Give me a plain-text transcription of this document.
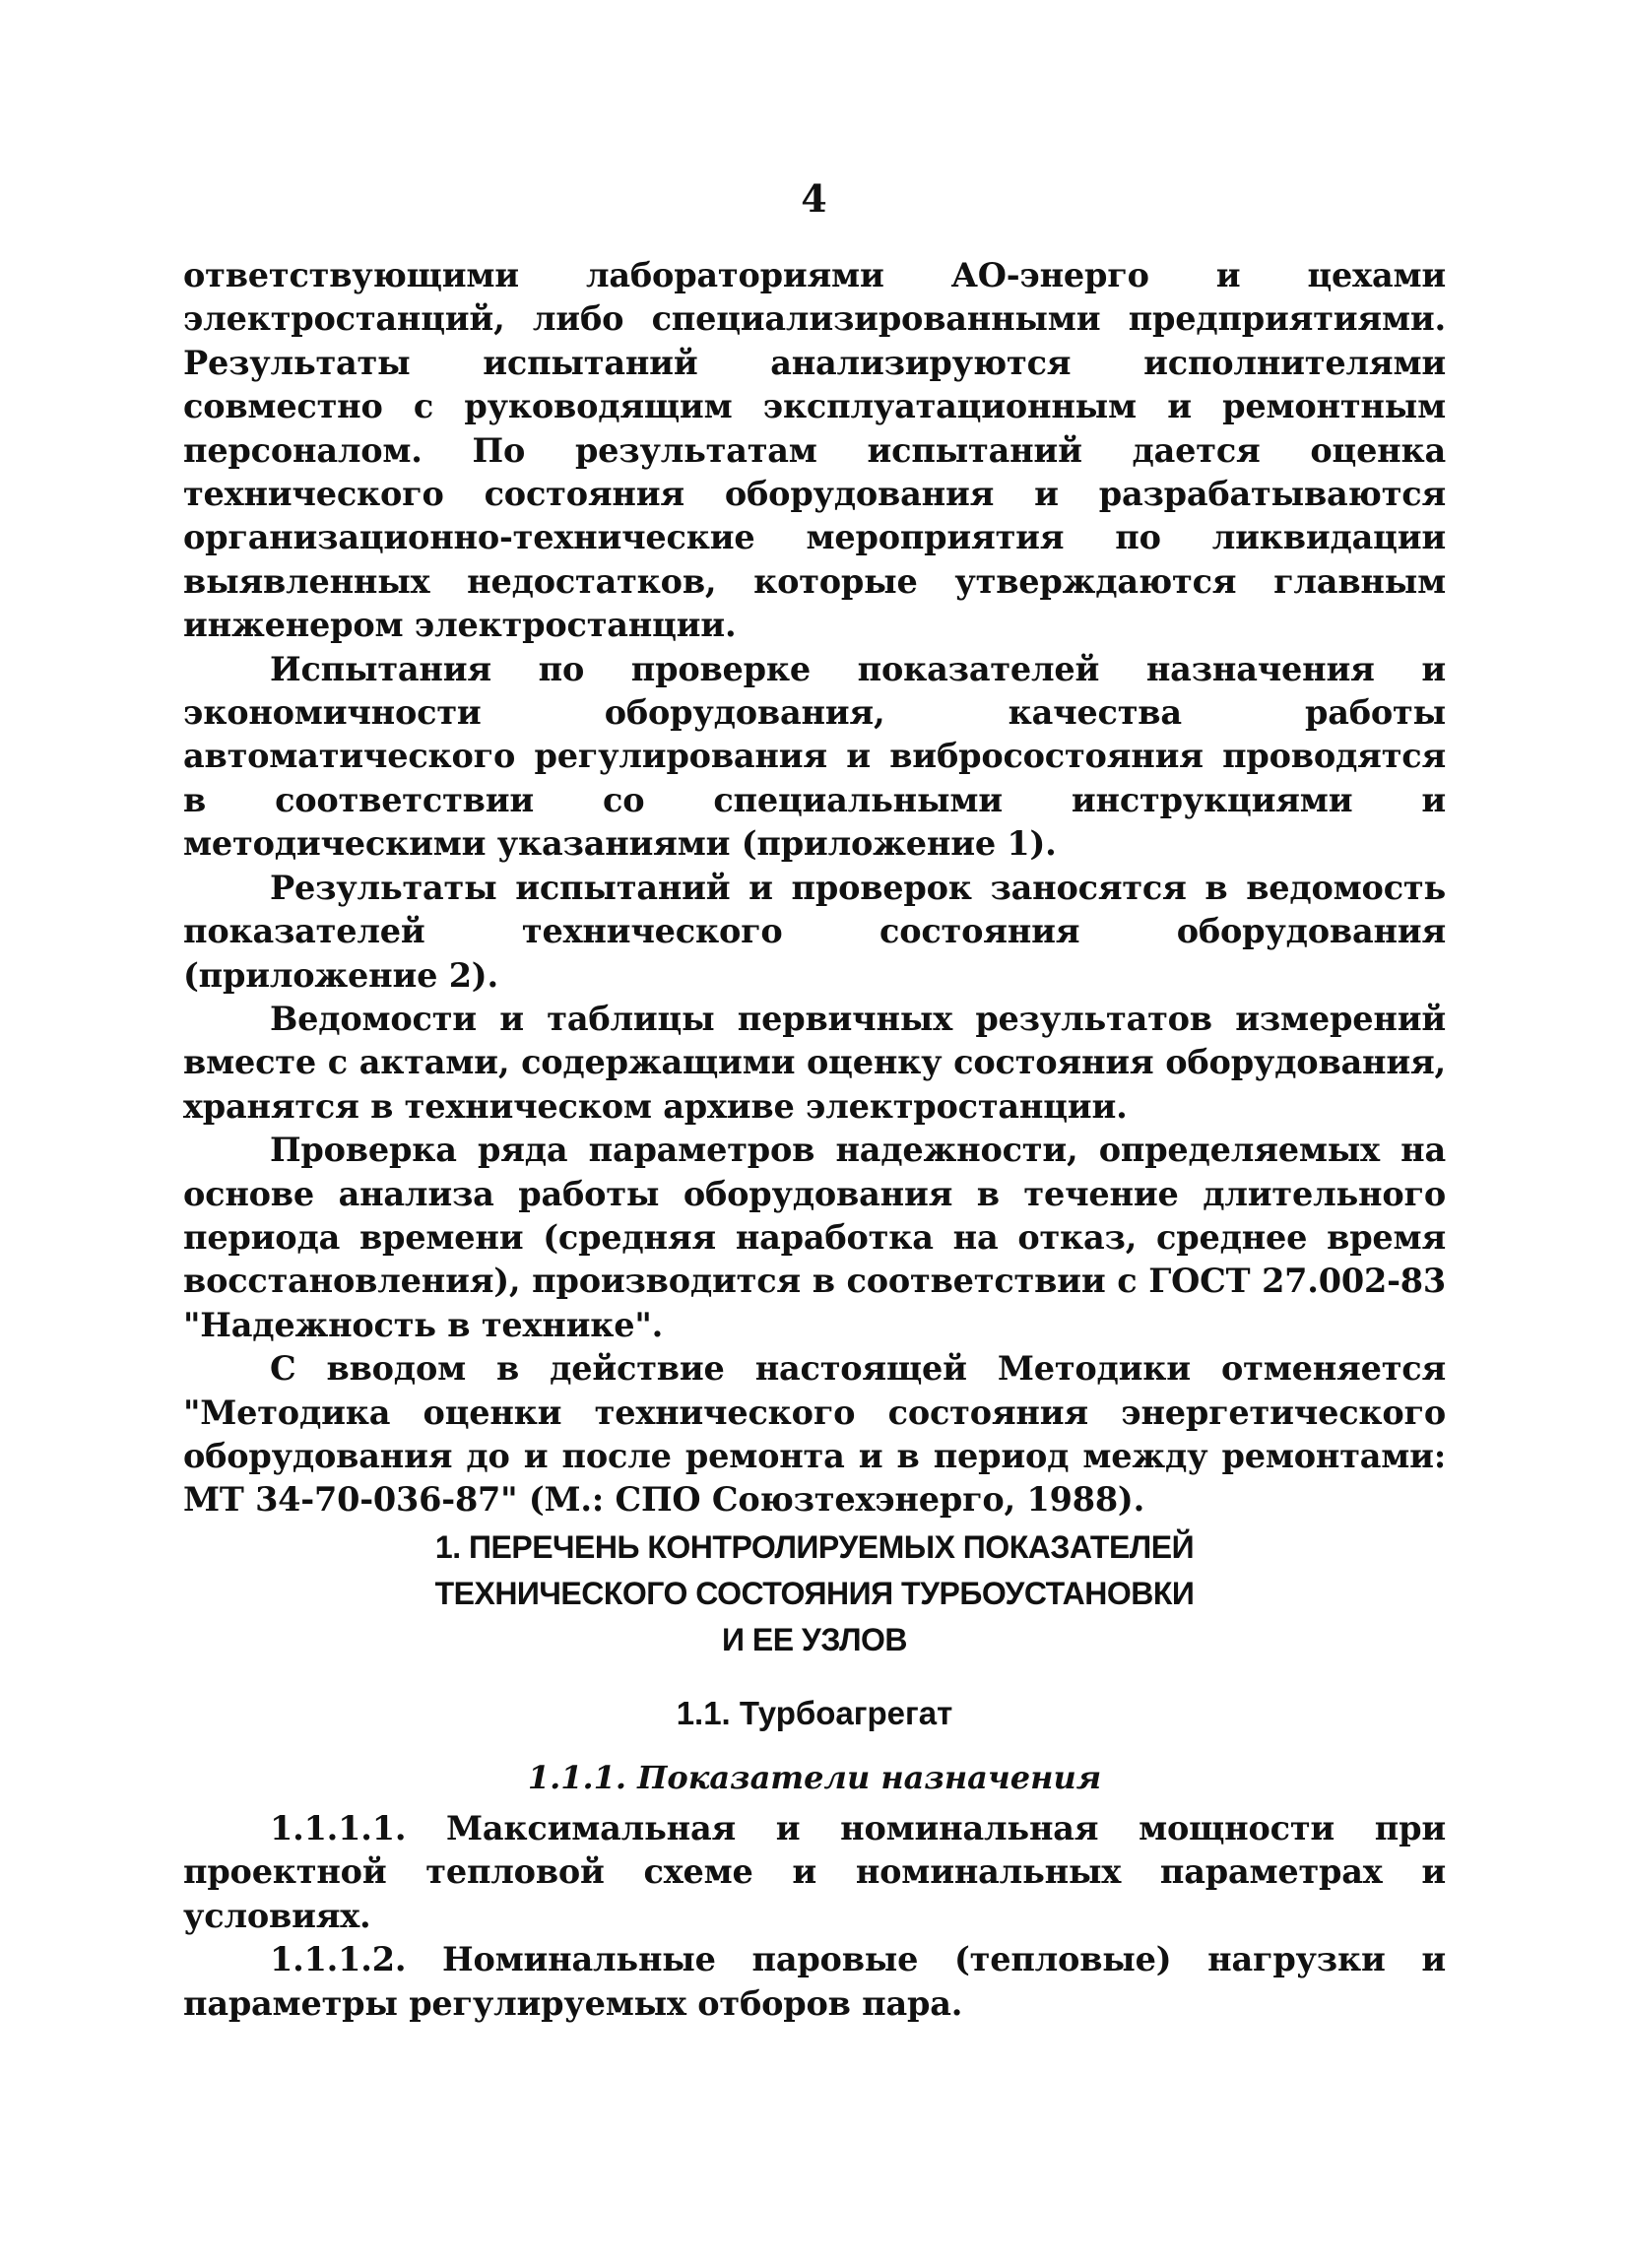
4

ответствующими лабораториями АО-энерго и цехами электростанций, либо специализированными предприятиями. Результаты испытаний анализируются исполнителями совместно с руководящим эксплуатационным и ремонтным персоналом. По результатам испытаний дается оценка технического состояния оборудования и разрабатываются организационно-технические мероприятия по ликвидации выявленных недостатков, которые утверждаются главным инженером электростанции.

Испытания по проверке показателей назначения и экономичности оборудования, качества работы автоматического регулирования и вибросостояния проводятся в соответствии со специальными инструкциями и методическими указаниями (приложение 1).

Результаты испытаний и проверок заносятся в ведомость показателей технического состояния оборудования (приложение 2).

Ведомости и таблицы первичных результатов измерений вместе с актами, содержащими оценку состояния оборудования, хранятся в техническом архиве электростанции.

Проверка ряда параметров надежности, определяемых на основе анализа работы оборудования в течение длительного периода времени (средняя наработка на отказ, среднее время восстановления), производится в соответствии с ГОСТ 27.002-83 "Надежность в технике".

С вводом в действие настоящей Методики отменяется "Методика оценки технического состояния энергетического оборудования до и после ремонта и в период между ремонтами: МТ 34-70-036-87" (М.: СПО Союзтехэнерго, 1988).

1. ПЕРЕЧЕНЬ КОНТРОЛИРУЕМЫХ ПОКАЗАТЕЛЕЙ
ТЕХНИЧЕСКОГО СОСТОЯНИЯ ТУРБОУСТАНОВКИ
И ЕЕ УЗЛОВ
1.1. Турбоагрегат
1.1.1. Показатели назначения

1.1.1.1. Максимальная и номинальная мощности при проектной тепловой схеме и номинальных параметрах и условиях.

1.1.1.2. Номинальные паровые (тепловые) нагрузки и параметры регулируемых отборов пара.
